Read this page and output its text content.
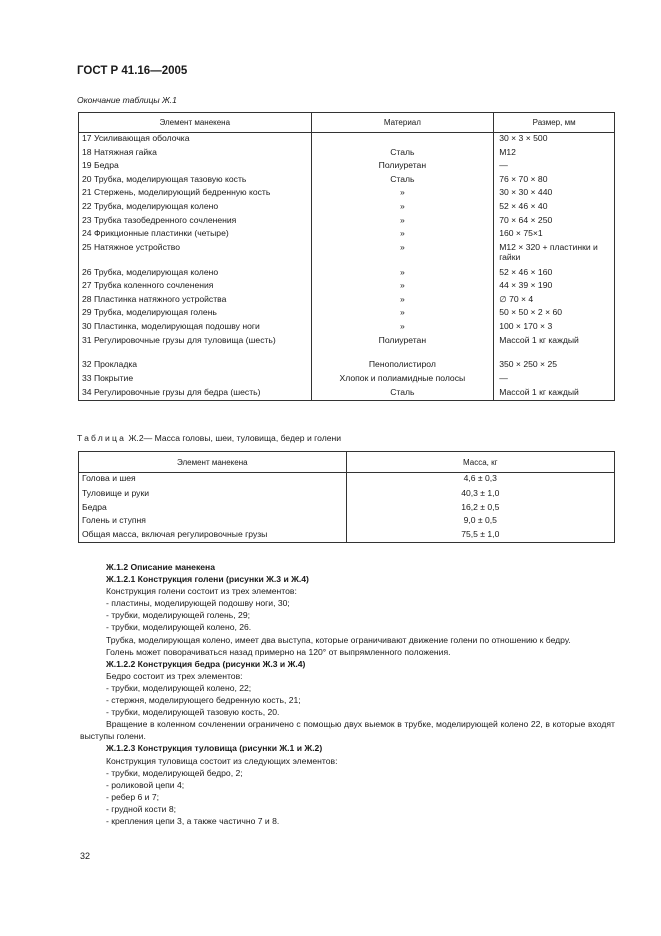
ГОСТ Р 41.16—2005
Окончание таблицы Ж.1
Элемент манекена	Материал	Размер, мм
17 Усиливающая оболочка		30 × 3 × 500
18 Натяжная гайка	Сталь	М12
19 Бедра	Полиуретан	—
20 Трубка, моделирующая тазовую кость	Сталь	76 × 70 × 80
21 Стержень, моделирующий бедренную кость	»	30 × 30 × 440
22 Трубка, моделирующая колено	»	52 × 46 × 40
23 Трубка тазобедренного сочленения	»	70 × 64 × 250
24 Фрикционные пластинки (четыре)	»	160 × 75×1
25 Натяжное устройство	»	М12 × 320 + пластинки и гайки
26 Трубка, моделирующая колено	»	52 × 46 × 160
27 Трубка коленного сочленения	»	44 × 39 × 190
28 Пластинка натяжного устройства	»	∅ 70 × 4
29 Трубка, моделирующая голень	»	50 × 50 × 2 × 60
30 Пластинка, моделирующая подошву ноги	»	100 × 170 × 3
31 Регулировочные грузы для туловища (шесть)	Полиуретан	Массой 1 кг каждый
32 Прокладка	Пенополистирол	350 × 250 × 25
33 Покрытие	Хлопок и полиамидные полосы	—
34 Регулировочные грузы для бедра (шесть)	Сталь	Массой 1 кг каждый
Таблица Ж.2— Масса головы, шеи, туловища, бедер и голени
Элемент манекена	Масса, кг
Голова и шея	4,6 ± 0,3
Туловище и руки	40,3 ± 1,0
Бедра	16,2 ± 0,5
Голень и ступня	9,0 ± 0,5
Общая масса, включая регулировочные грузы	75,5 ± 1,0

Ж.1.2 Описание манекена

Ж.1.2.1 Конструкция голени (рисунки Ж.3 и Ж.4)

Конструкция голени состоит из трех элементов:

- пластины, моделирующей подошву ноги, 30;

- трубки, моделирующей голень, 29;

- трубки, моделирующей колено, 26.

Трубка, моделирующая колено, имеет два выступа, которые ограничивают движение голени по отношению к бедру.

Голень может поворачиваться назад примерно на 120° от выпрямленного положения.

Ж.1.2.2 Конструкция бедра (рисунки Ж.3 и Ж.4)

Бедро состоит из трех элементов:

- трубки, моделирующей колено, 22;

- стержня, моделирующего бедренную кость, 21;

- трубки, моделирующей тазовую кость, 20.

Вращение в коленном сочленении ограничено с помощью двух выемок в трубке, моделирующей колено 22, в которые входят выступы голени.

Ж.1.2.3 Конструкция туловища (рисунки Ж.1 и Ж.2)

Конструкция туловища состоит из следующих элементов:

- трубки, моделирующей бедро, 2;

- роликовой цепи 4;

- ребер 6 и 7;

- грудной кости 8;

- крепления цепи 3, а также частично 7 и 8.

32
